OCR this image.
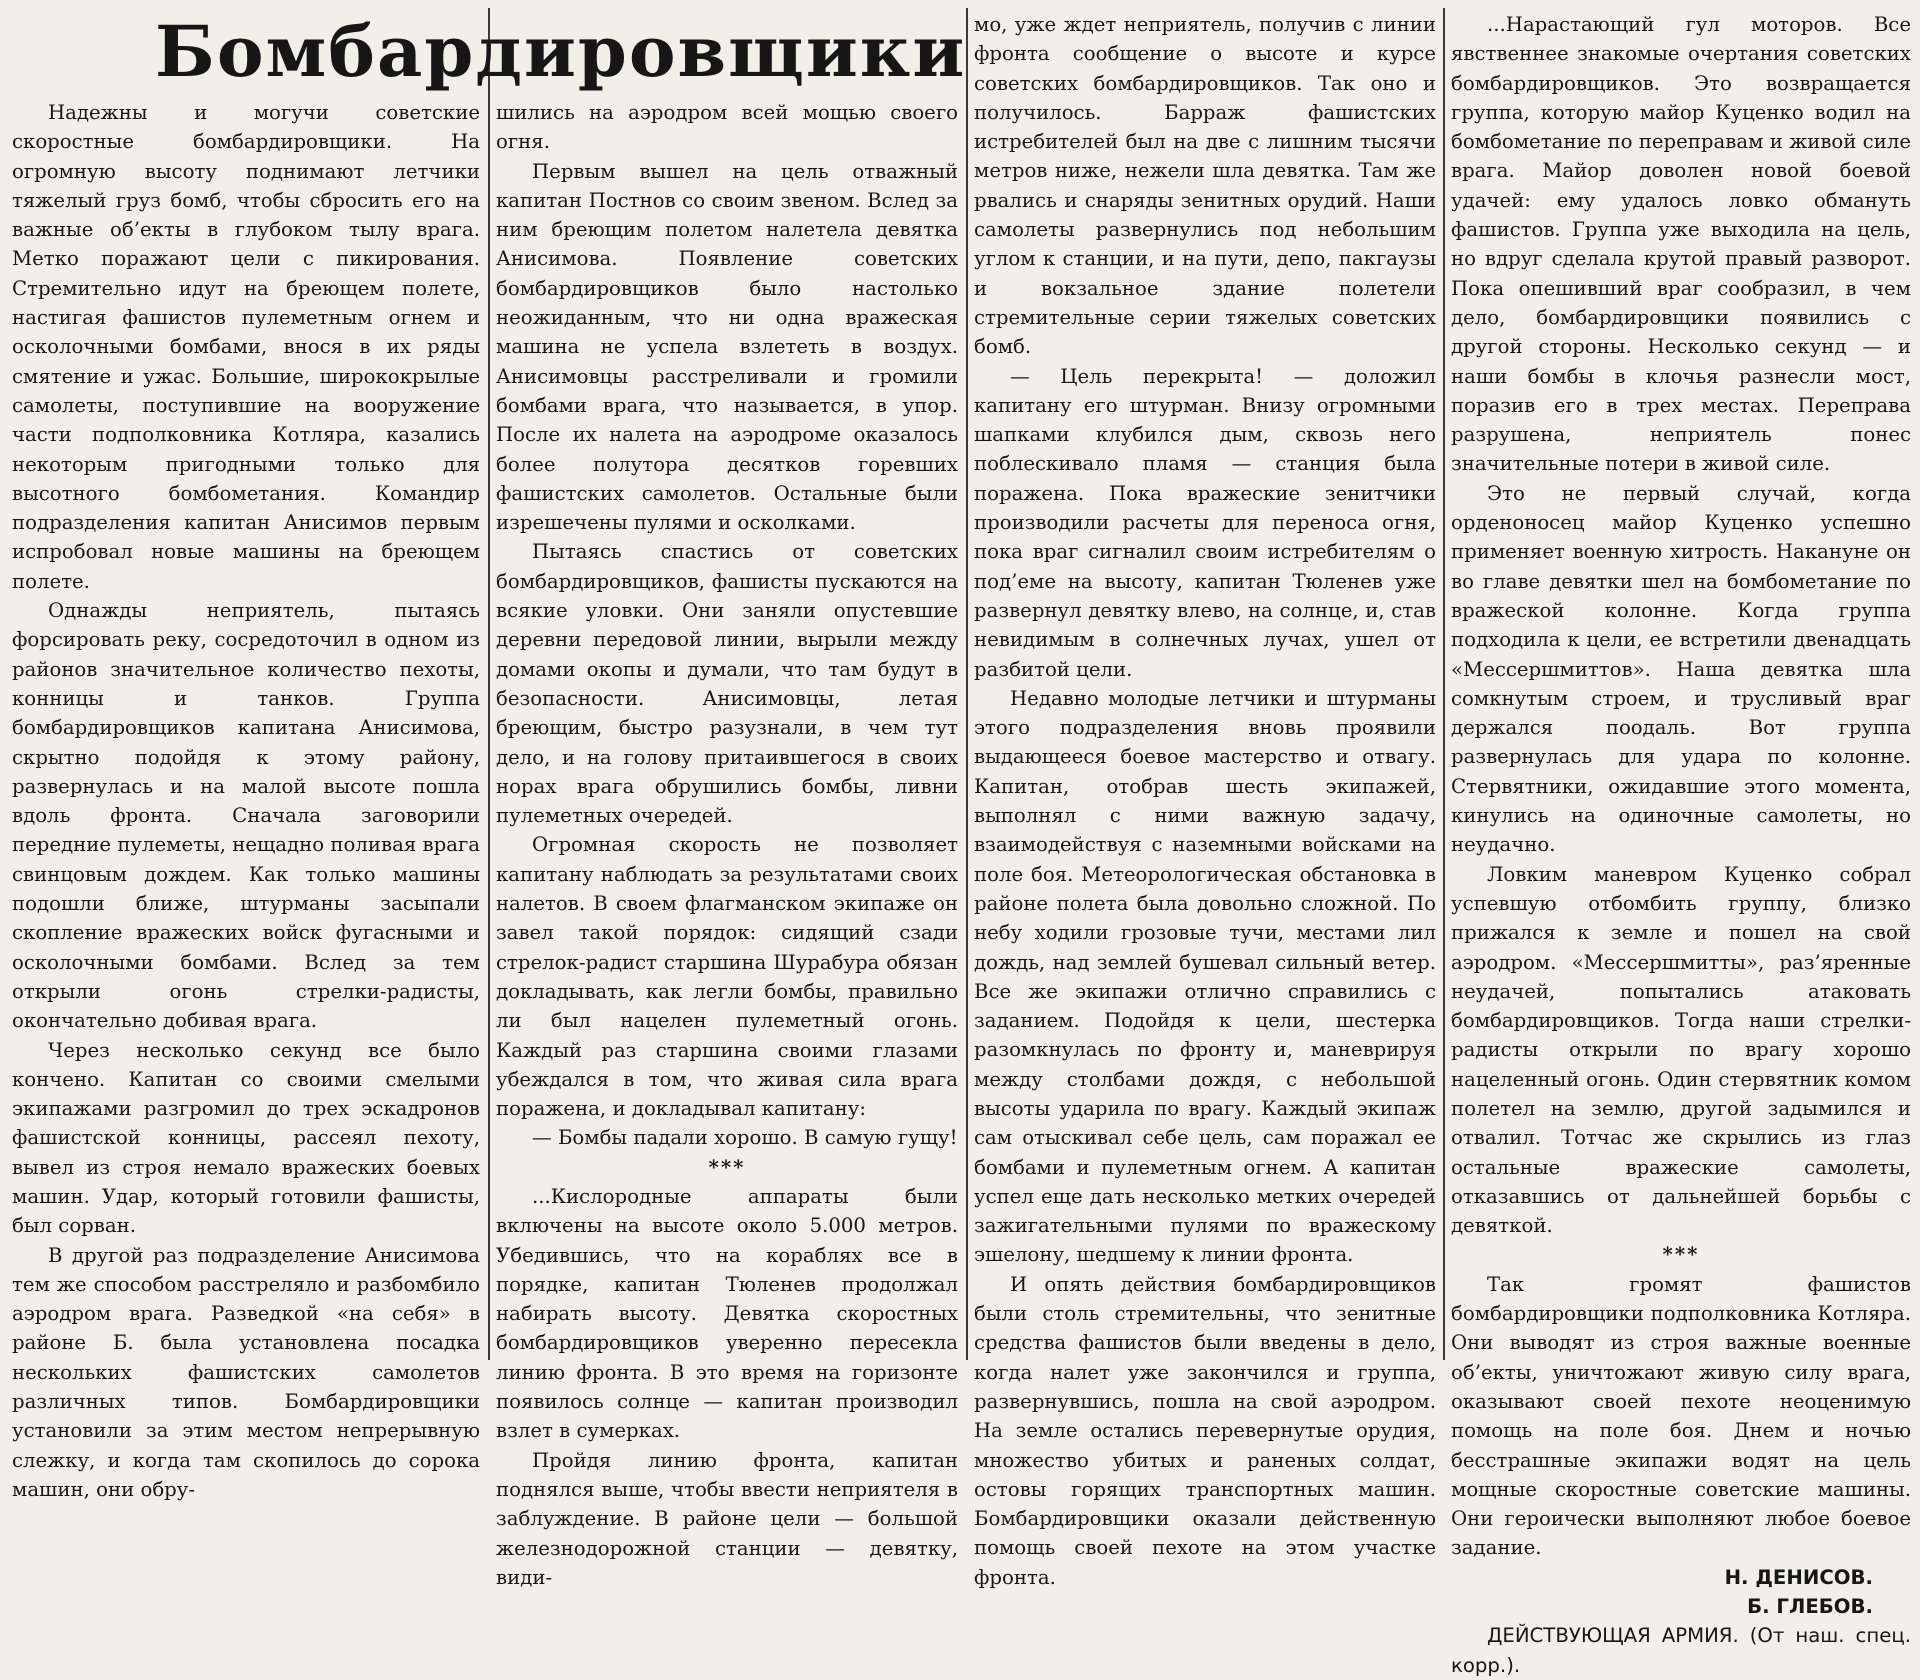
Бомбардировщики

Надежны и могучи советские скоростные бомбардировщики. На огромную высоту поднимают летчики тяжелый груз бомб, чтобы сбросить его на важные об’екты в глубоком тылу врага. Метко поражают цели с пикирования. Стремительно идут на бреющем полете, настигая фашистов пулеметным огнем и осколочными бомбами, внося в их ряды смятение и ужас. Большие, ширококрылые самолеты, поступившие на вооружение части подполковника Котляра, казались некоторым пригодными только для высотного бомбометания. Командир подразделения капитан Анисимов первым испробовал новые машины на бреющем полете.

Однажды неприятель, пытаясь форсировать реку, сосредоточил в одном из районов значительное количество пехоты, конницы и танков. Группа бомбардировщиков капитана Анисимова, скрытно подойдя к этому району, развернулась и на малой высоте пошла вдоль фронта. Сначала заговорили передние пулеметы, нещадно поливая врага свинцовым дождем. Как только машины подошли ближе, штурманы засыпали скопление вражеских войск фугасными и осколочными бомбами. Вслед за тем открыли огонь стрелки-радисты, окончательно добивая врага.

Через несколько секунд все было кончено. Капитан со своими смелыми экипажами разгромил до трех эскадронов фашистской конницы, рассеял пехоту, вывел из строя немало вражеских боевых машин. Удар, который готовили фашисты, был сорван.

В другой раз подразделение Анисимова тем же способом расстреляло и разбомбило аэродром врага. Разведкой «на себя» в районе Б. была установлена посадка нескольких фашистских самолетов различных типов. Бомбардировщики установили за этим местом непрерывную слежку, и когда там скопилось до сорока машин, они обру-

шились на аэродром всей мощью своего огня.

Первым вышел на цель отважный капитан Постнов со своим звеном. Вслед за ним бреющим полетом налетела девятка Анисимова. Появление советских бомбардировщиков было настолько неожиданным, что ни одна вражеская машина не успела взлететь в воздух. Анисимовцы расстреливали и громили бомбами врага, что называется, в упор. После их налета на аэродроме оказалось более полутора десятков горевших фашистских самолетов. Остальные были изрешечены пулями и осколками.

Пытаясь спастись от советских бомбардировщиков, фашисты пускаются на всякие уловки. Они заняли опустевшие деревни передовой линии, вырыли между домами окопы и думали, что там будут в безопасности. Анисимовцы, летая бреющим, быстро разузнали, в чем тут дело, и на голову притаившегося в своих норах врага обрушились бомбы, ливни пулеметных очередей.

Огромная скорость не позволяет капитану наблюдать за результатами своих налетов. В своем флагманском экипаже он завел такой порядок: сидящий сзади стрелок-радист старшина Шурабура обязан докладывать, как легли бомбы, правильно ли был нацелен пулеметный огонь. Каждый раз старшина своими глазами убеждался в том, что живая сила врага поражена, и докладывал капитану:

— Бомбы падали хорошо. В самую гущу!

***

...Кислородные аппараты были включены на высоте около 5.000 метров. Убедившись, что на кораблях все в порядке, капитан Тюленев продолжал набирать высоту. Девятка скоростных бомбардировщиков уверенно пересекла линию фронта. В это время на горизонте появилось солнце — капитан производил взлет в сумерках.

Пройдя линию фронта, капитан поднялся выше, чтобы ввести неприятеля в заблуждение. В районе цели — большой железнодорожной станции — девятку, види-

мо, уже ждет неприятель, получив с линии фронта сообщение о высоте и курсе советских бомбардировщиков. Так оно и получилось. Барраж фашистских истребителей был на две с лишним тысячи метров ниже, нежели шла девятка. Там же рвались и снаряды зенитных орудий. Наши самолеты развернулись под небольшим углом к станции, и на пути, депо, пакгаузы и вокзальное здание полетели стремительные серии тяжелых советских бомб.

— Цель перекрыта! — доложил капитану его штурман. Внизу огромными шапками клубился дым, сквозь него поблескивало пламя — станция была поражена. Пока вражеские зенитчики производили расчеты для переноса огня, пока враг сигналил своим истребителям о под’еме на высоту, капитан Тюленев уже развернул девятку влево, на солнце, и, став невидимым в солнечных лучах, ушел от разбитой цели.

Недавно молодые летчики и штурманы этого подразделения вновь проявили выдающееся боевое мастерство и отвагу. Капитан, отобрав шесть экипажей, выполнял с ними важную задачу, взаимодействуя с наземными войсками на поле боя. Метеорологическая обстановка в районе полета была довольно сложной. По небу ходили грозовые тучи, местами лил дождь, над землей бушевал сильный ветер. Все же экипажи отлично справились с заданием. Подойдя к цели, шестерка разомкнулась по фронту и, маневрируя между столбами дождя, с небольшой высоты ударила по врагу. Каждый экипаж сам отыскивал себе цель, сам поражал ее бомбами и пулеметным огнем. А капитан успел еще дать несколько метких очередей зажигательными пулями по вражескому эшелону, шедшему к линии фронта.

И опять действия бомбардировщиков были столь стремительны, что зенитные средства фашистов были введены в дело, когда налет уже закончился и группа, развернувшись, пошла на свой аэродром. На земле остались перевернутые орудия, множество убитых и раненых солдат, остовы горящих транспортных машин. Бомбардировщики оказали действенную помощь своей пехоте на этом участке фронта.

...Нарастающий гул моторов. Все явственнее знакомые очертания советских бомбардировщиков. Это возвращается группа, которую майор Куценко водил на бомбометание по переправам и живой силе врага. Майор доволен новой боевой удачей: ему удалось ловко обмануть фашистов. Группа уже выходила на цель, но вдруг сделала крутой правый разворот. Пока опешивший враг сообразил, в чем дело, бомбардировщики появились с другой стороны. Несколько секунд — и наши бомбы в клочья разнесли мост, поразив его в трех местах. Переправа разрушена, неприятель понес значительные потери в живой силе.

Это не первый случай, когда орденоносец майор Куценко успешно применяет военную хитрость. Накануне он во главе девятки шел на бомбометание по вражеской колонне. Когда группа подходила к цели, ее встретили двенадцать «Мессершмиттов». Наша девятка шла сомкнутым строем, и трусливый враг держался поодаль. Вот группа развернулась для удара по колонне. Стервятники, ожидавшие этого момента, кинулись на одиночные самолеты, но неудачно.

Ловким маневром Куценко собрал успевшую отбомбить группу, близко прижался к земле и пошел на свой аэродром. «Мессершмитты», раз’яренные неудачей, попытались атаковать бомбардировщиков. Тогда наши стрелки-радисты открыли по врагу хорошо нацеленный огонь. Один стервятник комом полетел на землю, другой задымился и отвалил. Тотчас же скрылись из глаз остальные вражеские самолеты, отказавшись от дальнейшей борьбы с девяткой.

***

Так громят фашистов бомбардировщики подполковника Котляра. Они выводят из строя важные военные об’екты, уничтожают живую силу врага, оказывают своей пехоте неоценимую помощь на поле боя. Днем и ночью бесстрашные экипажи водят на цель мощные скоростные советские машины. Они героически выполняют любое боевое задание.

Н. ДЕНИСОВ.

Б. ГЛЕБОВ.

ДЕЙСТВУЮЩАЯ АРМИЯ. (От наш. спец. корр.).
